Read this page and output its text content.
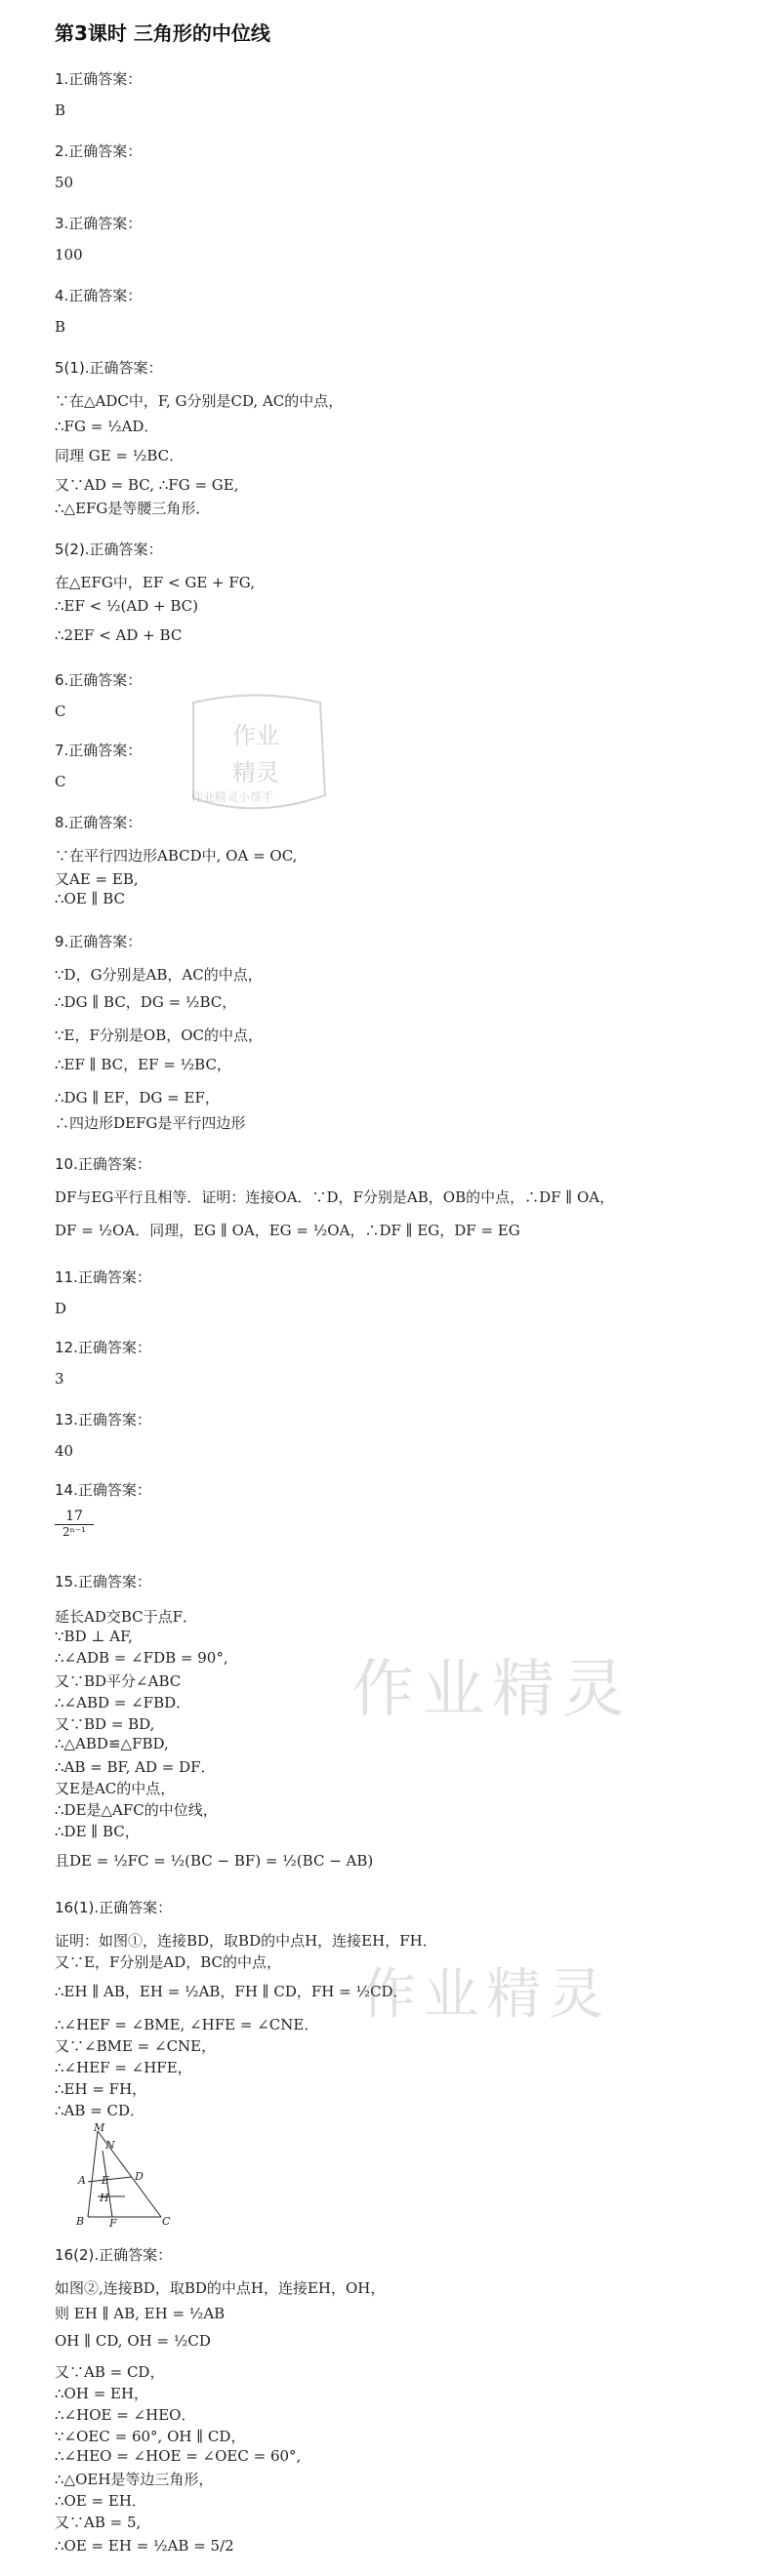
第3课时 三角形的中位线
1.正确答案：
B
2.正确答案：
50
3.正确答案：
100
4.正确答案：
B
5(1).正确答案：
∵在△ADC中，F, G分别是CD, AC的中点，
∴FG = ½AD．
同理 GE = ½BC．
又∵AD = BC, ∴FG = GE,
∴△EFG是等腰三角形．
5(2).正确答案：
在△EFG中，EF < GE + FG,
∴EF < ½(AD + BC)
∴2EF < AD + BC
6.正确答案：
C
作业
精灵
作业精灵小帮手
7.正确答案：
C
8.正确答案：
∵在平行四边形ABCD中, OA = OC,
又AE = EB,
∴OE ∥ BC
9.正确答案：
∵D，G分别是AB，AC的中点，
∴DG ∥ BC，DG = ½BC，
∵E，F分别是OB，OC的中点，
∴EF ∥ BC，EF = ½BC，
∴DG ∥ EF，DG = EF，
∴四边形DEFG是平行四边形
10.正确答案：
DF与EG平行且相等．证明：连接OA．∵D，F分别是AB，OB的中点，∴DF ∥ OA，
DF = ½OA．同理，EG ∥ OA，EG = ½OA，∴DF ∥ EG，DF = EG
11.正确答案：
D
12.正确答案：
3
13.正确答案：
40
14.正确答案：
$\frac{17}{\text{2ⁿ⁻¹}}$
15.正确答案：
延长AD交BC于点F．
∵BD ⊥ AF,
∴∠ADB = ∠FDB = 90°,
又∵BD平分∠ABC
∴∠ABD = ∠FBD．
又∵BD = BD,
∴△ABD≌△FBD,
∴AB = BF, AD = DF．
又E是AC的中点，
∴DE是△AFC的中位线，
∴DE ∥ BC，
且DE = ½FC = ½(BC − BF) = ½(BC − AB)
作业精灵
16(1).正确答案：
证明：如图①，连接BD，取BD的中点H，连接EH，FH．
又∵E，F分别是AD，BC的中点，
∴EH ∥ AB，EH = ½AB，FH ∥ CD，FH = ½CD．
∴∠HEF = ∠BME, ∠HFE = ∠CNE．
又∵∠BME = ∠CNE，
∴∠HEF = ∠HFE，
∴EH = FH，
∴AB = CD．
作业精灵
M
N
A E D
H
B F	C
16(2).正确答案：
如图②,连接BD，取BD的中点H，连接EH，OH，
则 EH ∥ AB, EH = ½AB
OH ∥ CD, OH = ½CD
又∵AB = CD，
∴OH = EH，
∴∠HOE = ∠HEO．
∵∠OEC = 60°, OH ∥ CD，
∴∠HEO = ∠HOE = ∠OEC = 60°,
∴△OEH是等边三角形，
∴OE = EH．
又∵AB = 5,
∴OE = EH = ½AB = 5/2
